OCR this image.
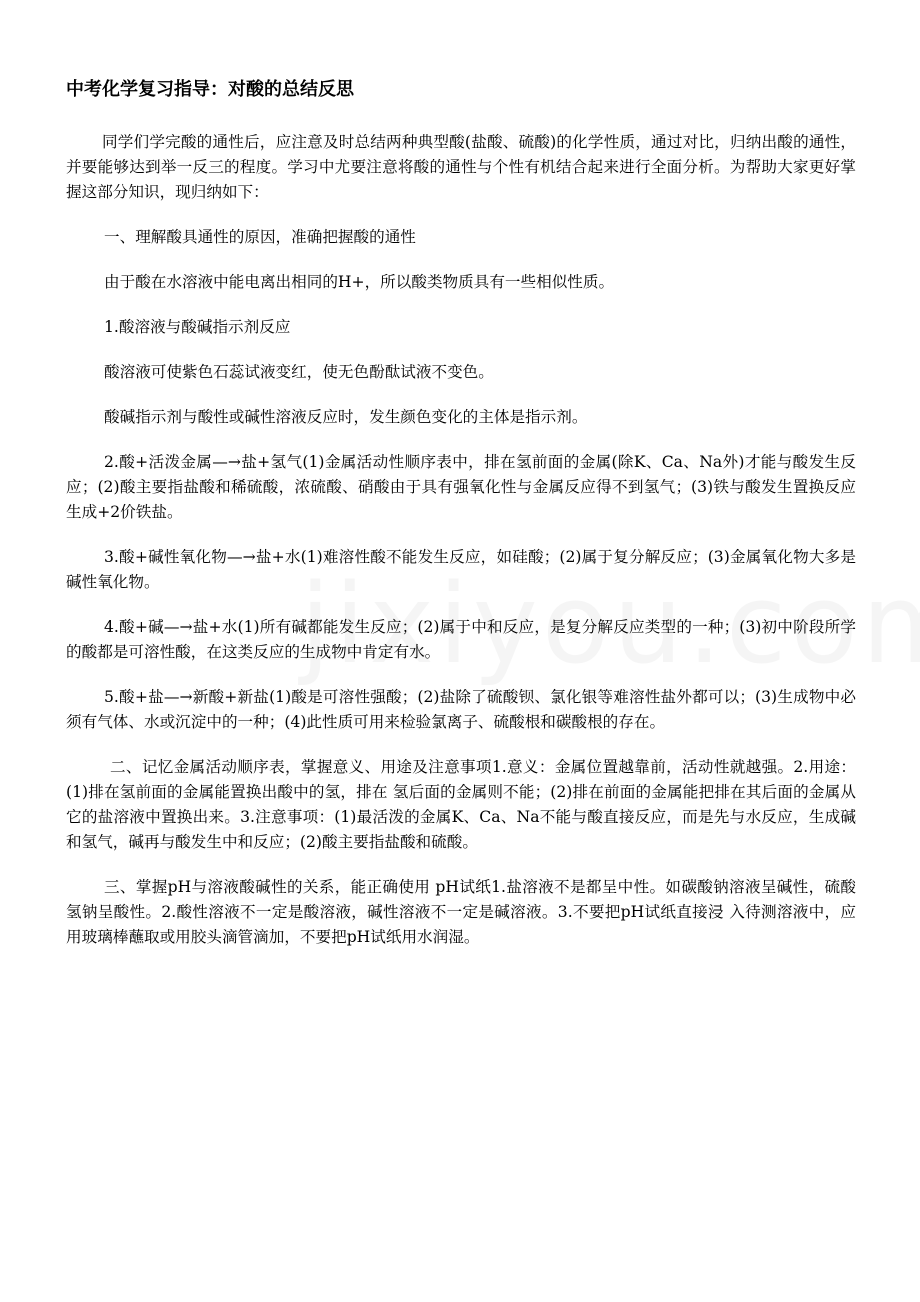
中考化学复习指导：对酸的总结反思

同学们学完酸的通性后，应注意及时总结两种典型酸(盐酸、硫酸)的化学性质，通过对比，归纳出酸的通性，并要能够达到举一反三的程度。学习中尤要注意将酸的通性与个性有机结合起来进行全面分析。为帮助大家更好掌握这部分知识，现归纳如下：

一、理解酸具通性的原因，准确把握酸的通性

由于酸在水溶液中能电离出相同的H+，所以酸类物质具有一些相似性质。

1.酸溶液与酸碱指示剂反应

酸溶液可使紫色石蕊试液变红，使无色酚酞试液不变色。

酸碱指示剂与酸性或碱性溶液反应时，发生颜色变化的主体是指示剂。

2.酸+活泼金属—→盐+氢气(1)金属活动性顺序表中，排在氢前面的金属(除K、Ca、Na外)才能与酸发生反应；(2)酸主要指盐酸和稀硫酸，浓硫酸、硝酸由于具有强氧化性与金属反应得不到氢气；(3)铁与酸发生置换反应生成+2价铁盐。

3.酸+碱性氧化物—→盐+水(1)难溶性酸不能发生反应，如硅酸；(2)属于复分解反应；(3)金属氧化物大多是碱性氧化物。

4.酸+碱—→盐+水(1)所有碱都能发生反应；(2)属于中和反应，是复分解反应类型的一种；(3)初中阶段所学的酸都是可溶性酸，在这类反应的生成物中肯定有水。

5.酸+盐—→新酸+新盐(1)酸是可溶性强酸；(2)盐除了硫酸钡、氯化银等难溶性盐外都可以；(3)生成物中必须有气体、水或沉淀中的一种；(4)此性质可用来检验氯离子、硫酸根和碳酸根的存在。

二、记忆金属活动顺序表，掌握意义、用途及注意事项1.意义：金属位置越靠前，活动性就越强。2.用途：(1)排在氢前面的金属能置换出酸中的氢，排在 氢后面的金属则不能；(2)排在前面的金属能把排在其后面的金属从它的盐溶液中置换出来。3.注意事项：(1)最活泼的金属K、Ca、Na不能与酸直接反应，而是先与水反应，生成碱和氢气，碱再与酸发生中和反应；(2)酸主要指盐酸和硫酸。

三、掌握pH与溶液酸碱性的关系，能正确使用 pH试纸1.盐溶液不是都呈中性。如碳酸钠溶液呈碱性，硫酸氢钠呈酸性。2.酸性溶液不一定是酸溶液，碱性溶液不一定是碱溶液。3.不要把pH试纸直接浸 入待测溶液中，应用玻璃棒蘸取或用胶头滴管滴加，不要把pH试纸用水润湿。
